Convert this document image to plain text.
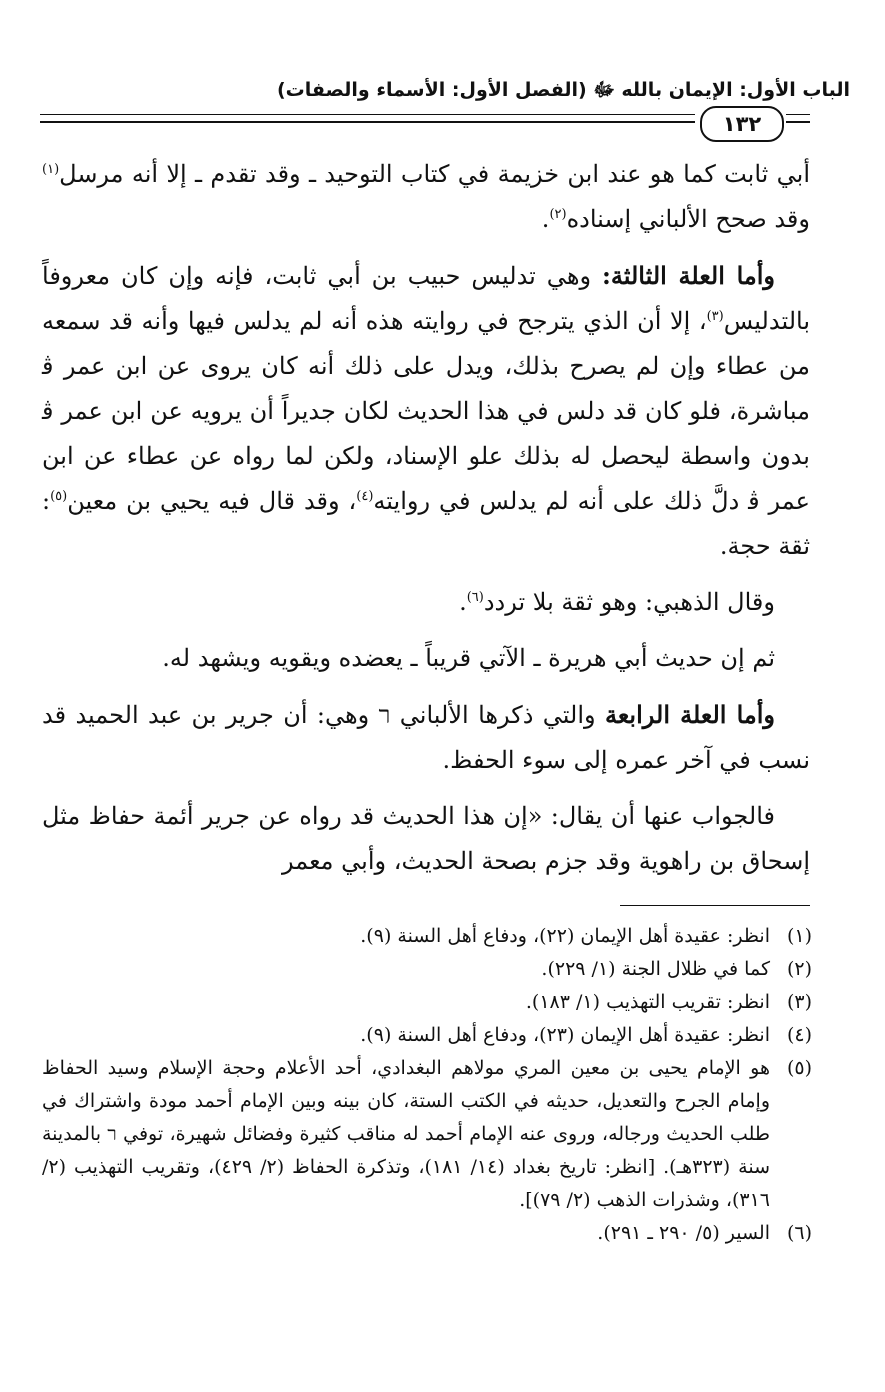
الباب الأول: الإيمان بالله ﷻ (الفصل الأول: الأسماء والصفات)
١٣٢

أبي ثابت كما هو عند ابن خزيمة في كتاب التوحيد ـ وقد تقدم ـ إلا أنه مرسل$^{(١)}$ وقد صحح الألباني إسناده$^{(٢)}$.

وأما العلة الثالثة: وهي تدليس حبيب بن أبي ثابت، فإنه وإن كان معروفاً بالتدليس$^{(٣)}$، إلا أن الذي يترجح في روايته هذه أنه لم يدلس فيها وأنه قد سمعه من عطاء وإن لم يصرح بذلك، ويدل على ذلك أنه كان يروى عن ابن عمر ﭬ مباشرة، فلو كان قد دلس في هذا الحديث لكان جديراً أن يرويه عن ابن عمر ﭬ بدون واسطة ليحصل له بذلك علو الإسناد، ولكن لما رواه عن عطاء عن ابن عمر ﭬ دلَّ ذلك على أنه لم يدلس في روايته$^{(٤)}$، وقد قال فيه يحيي بن معين$^{(٥)}$: ثقة حجة.

وقال الذهبي: وهو ثقة بلا تردد$^{(٦)}$.

ثم إن حديث أبي هريرة ـ الآتي قريباً ـ يعضده ويقويه ويشهد له.

وأما العلة الرابعة والتي ذكرها الألباني ﬧ وهي: أن جرير بن عبد الحميد قد نسب في آخر عمره إلى سوء الحفظ.

فالجواب عنها أن يقال: «إن هذا الحديث قد رواه عن جرير أئمة حفاظ مثل إسحاق بن راهوية وقد جزم بصحة الحديث، وأبي معمر

(١)
انظر: عقيدة أهل الإيمان (٢٢)، ودفاع أهل السنة (٩).
(٢)
كما في ظلال الجنة (١/ ٢٢٩).
(٣)
انظر: تقريب التهذيب (١/ ١٨٣).
(٤)
انظر: عقيدة أهل الإيمان (٢٣)، ودفاع أهل السنة (٩).
(٥)
هو الإمام يحيى بن معين المري مولاهم البغدادي، أحد الأعلام وحجة الإسلام وسيد الحفاظ وإمام الجرح والتعديل، حديثه في الكتب الستة، كان بينه وبين الإمام أحمد مودة واشتراك في طلب الحديث ورجاله، وروى عنه الإمام أحمد له مناقب كثيرة وفضائل شهيرة، توفي ﬧ بالمدينة سنة (٣٢٣هـ). [انظر: تاريخ بغداد (١٤/ ١٨١)، وتذكرة الحفاظ (٢/ ٤٢٩)، وتقريب التهذيب (٢/ ٣١٦)، وشذرات الذهب (٢/ ٧٩)].
(٦)
السير (٥/ ٢٩٠ ـ ٢٩١).
